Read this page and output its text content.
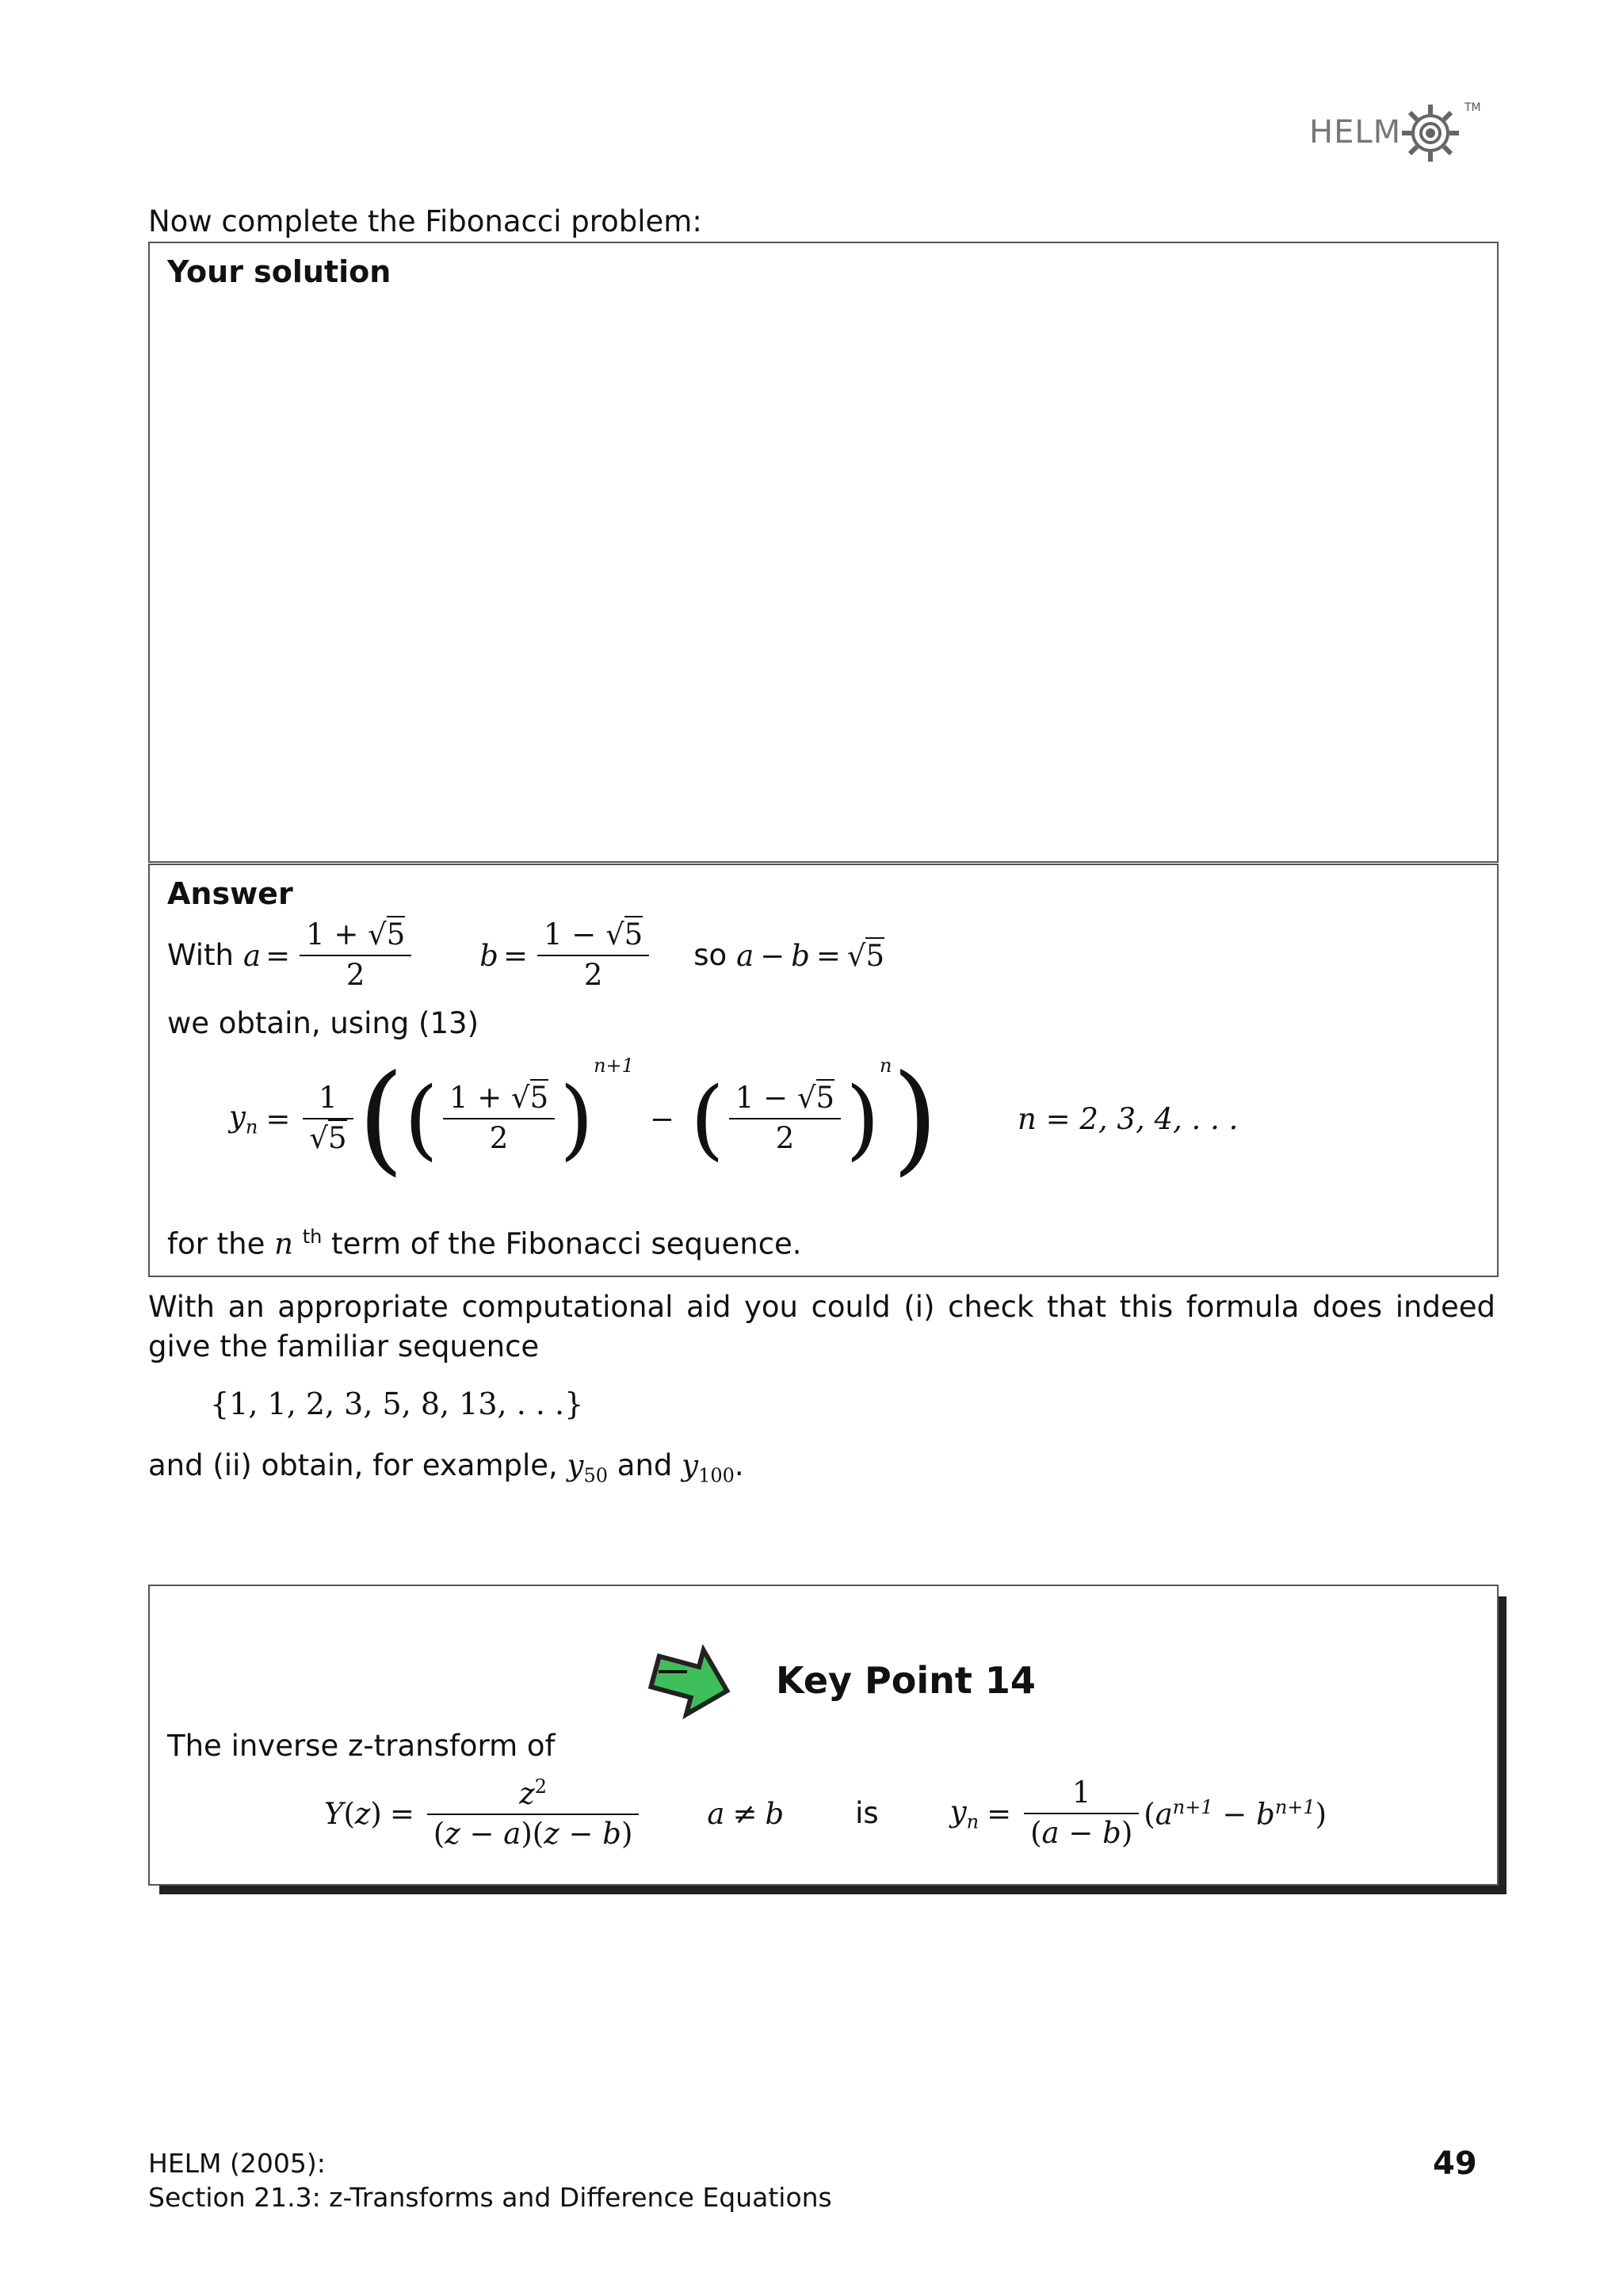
HELM
TM
Now complete the Fibonacci problem:
Your solution
Answer
With $a = \frac{1 + √5}{2}$ $b = \frac{1 - √5}{2}$ so a − b = √5
we obtain, using (13)
$y_n = \frac{1}{√5}$ ( ( $\frac{1 + √5}{2}$ )
n+1
− ( $\frac{1 - √5}{2}$ )
n )	n = 2, 3, 4, . . .
for the n $^{th}$ term of the Fibonacci sequence.
With an appropriate computational aid you could (i) check that this formula does indeed give the familiar sequence
{1, 1, 2, 3, 5, 8, 13, . . .}
and (ii) obtain, for example, $y_{50}$ and $y_{100}$.
Key Point 14
The inverse z-transform of
Y ( z ) = $\frac{z^2}{(z - a)(z - b)}$ a ≠ b is $y_n = \frac{1}{(a - b)} (a^{n+1} - b^{n+1})$
HELM (2005):
Section 21.3: z-Transforms and Difference Equations
49
